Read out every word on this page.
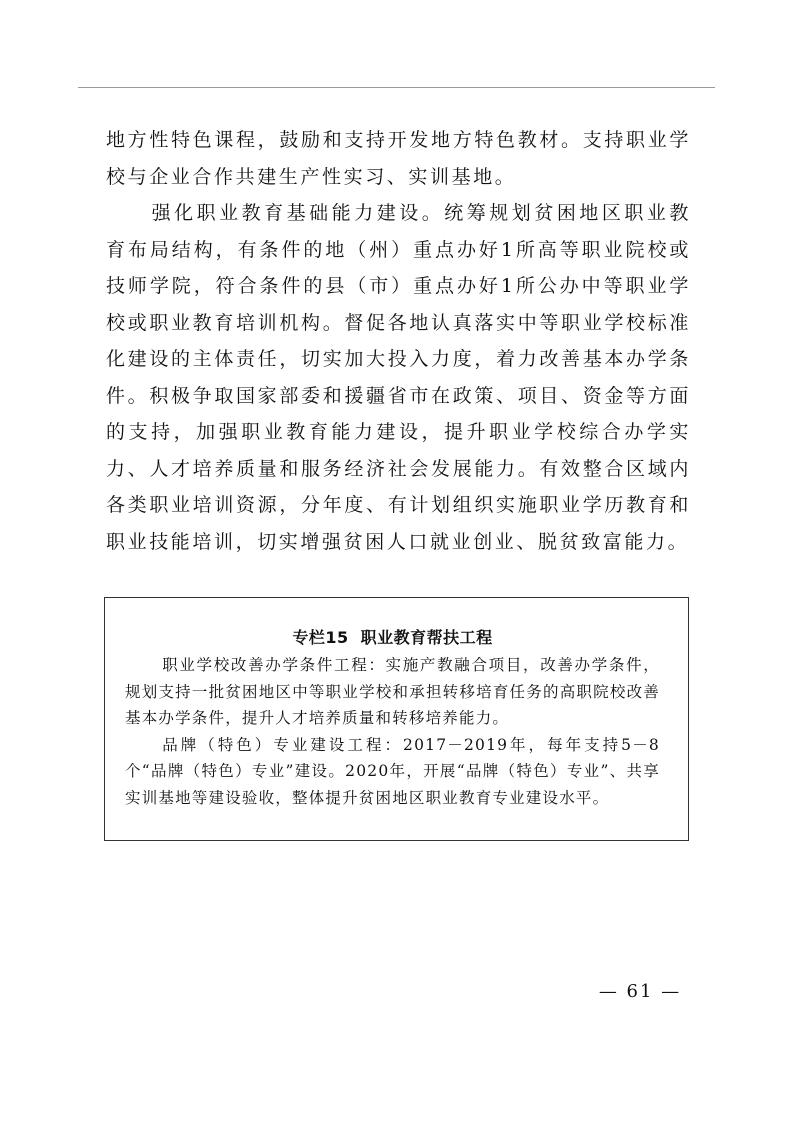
地方性特色课程，鼓励和支持开发地方特色教材。支持职业学校与企业合作共建生产性实习、实训基地。

强化职业教育基础能力建设。统筹规划贫困地区职业教育布局结构，有条件的地（州）重点办好1所高等职业院校或技师学院，符合条件的县（市）重点办好1所公办中等职业学校或职业教育培训机构。督促各地认真落实中等职业学校标准化建设的主体责任，切实加大投入力度，着力改善基本办学条件。积极争取国家部委和援疆省市在政策、项目、资金等方面的支持，加强职业教育能力建设，提升职业学校综合办学实力、人才培养质量和服务经济社会发展能力。有效整合区域内各类职业培训资源，分年度、有计划组织实施职业学历教育和职业技能培训，切实增强贫困人口就业创业、脱贫致富能力。

专栏15 职业教育帮扶工程

职业学校改善办学条件工程：实施产教融合项目，改善办学条件，规划支持一批贫困地区中等职业学校和承担转移培育任务的高职院校改善基本办学条件，提升人才培养质量和转移培养能力。

品牌（特色）专业建设工程：2017－2019年，每年支持5－8个“品牌（特色）专业”建设。2020年，开展“品牌（特色）专业”、共享实训基地等建设验收，整体提升贫困地区职业教育专业建设水平。

— 61 —
